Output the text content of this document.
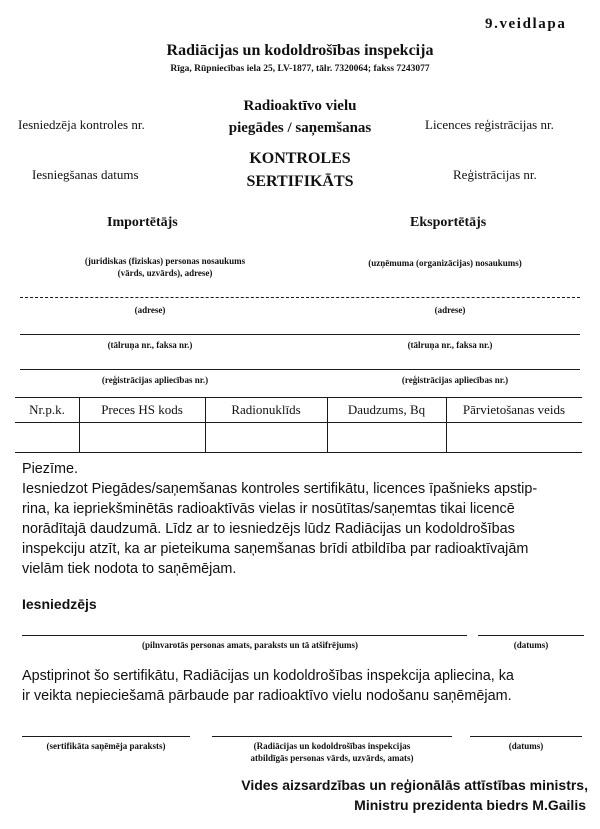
9.veidlapa
Radiācijas un kodoldrošības inspekcija
Rīga, Rūpniecības iela 25, LV-1877, tālr. 7320064; fakss 7243077
Iesniedzēja kontroles nr.	Licences reģistrācijas nr.
Iesniegšanas datums	Reģistrācijas nr.
Radioaktīvo vielu
piegādes / saņemšanas
KONTROLES
SERTIFIKĀTS
Importētājs	Eksportētājs
(juridiskas (fiziskas) personas nosaukums
(vārds, uzvārds), adrese)
(uzņēmuma (organizācijas) nosaukums)
(adrese)	(adrese)
(tālruņa nr., faksa nr.)	(tālruņa nr., faksa nr.)
(reģistrācijas apliecības nr.)	(reģistrācijas apliecības nr.)
Nr.p.k.	Preces HS kods	Radionuklīds	Daudzums, Bq	Pārvietošanas veids
Piezīme.
Iesniedzot Piegādes/saņemšanas kontroles sertifikātu, licences īpašnieks apstip-
rina, ka iepriekšminētās radioaktīvās vielas ir nosūtītas/saņemtas tikai licencē
norādītajā daudzumā. Līdz ar to iesniedzējs lūdz Radiācijas un kodoldrošības
inspekciju atzīt, ka ar pieteikuma saņemšanas brīdi atbildība par radioaktīvajām
vielām tiek nodota to saņēmējam.
Iesniedzējs
(pilnvarotās personas amats, paraksts un tā atšifrējums)	(datums)
Apstiprinot šo sertifikātu, Radiācijas un kodoldrošības inspekcija apliecina, ka
ir veikta nepieciešamā pārbaude par radioaktīvo vielu nodošanu saņēmējam.
(sertifikāta saņēmēja paraksts)	(Radiācijas un kodoldrošības inspekcijas
atbildīgās personas vārds, uzvārds, amats)
(datums)
Vides aizsardzības un reģionālās attīstības ministrs,
Ministru prezidenta biedrs M.Gailis
